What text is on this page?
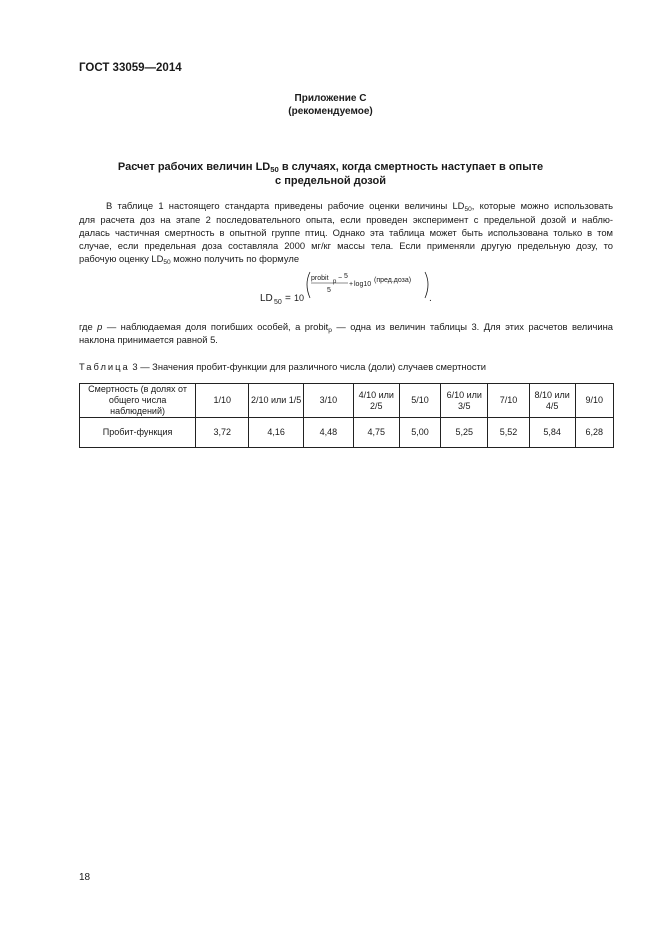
ГОСТ 33059—2014
Приложение С
(рекомендуемое)
Расчет рабочих величин $LD_{50}$ в случаях, когда смертность наступает в опыте
с предельной дозой
В таблице 1 настоящего стандарта приведены рабочие оценки величины $LD_{50}$, которые можно использовать
для расчета доз на этапе 2 последовательного опыта, если проведен эксперимент с предельной дозой и наблю-
далась частичная смертность в опытной группе птиц. Однако эта таблица может быть использована только в том
случае, если предельная доза составляла 2000 мг/кг массы тела. Если применяли другую предельную дозу, то
рабочую оценку $LD_{50}$ можно получить по формуле
LD 50 = 10
probit p − 5
5
+ log10
(пред.доза)
.
где p — наблюдаемая доля погибших особей, а probit$_p$ — одна из величин таблицы 3. Для этих расчетов величина
наклона принимается равной 5.
Таблица 3 — Значения пробит-функции для различного числа (доли) случаев смертности
Смертность (в долях от
общего числа наблюдений)	1/10	2/10 или 1/5	3/10	4/10 или 2/5	5/10	6/10 или 3/5	7/10	8/10 или 4/5	9/10
Пробит-функция	3,72	4,16	4,48	4,75	5,00	5,25	5,52	5,84	6,28
18
